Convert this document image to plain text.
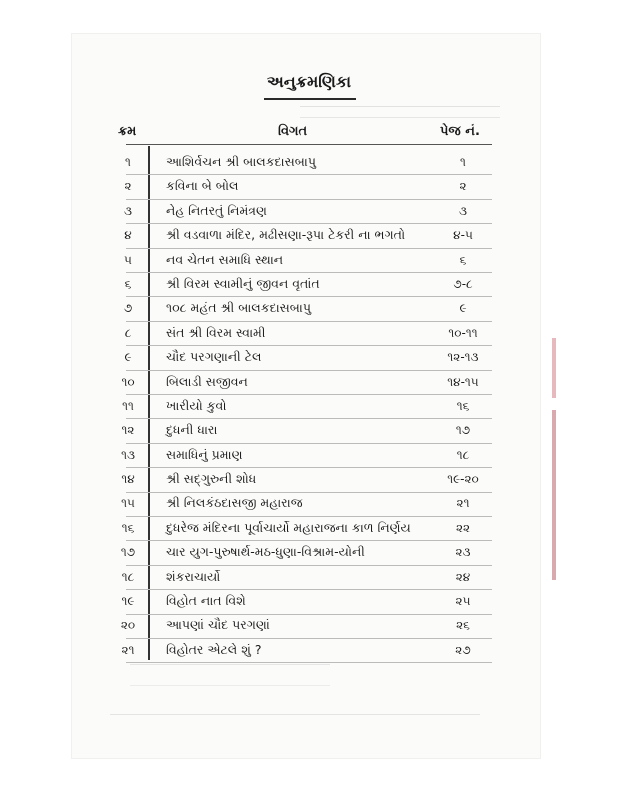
અનુક્રમણિકા
ક્રમ	વિગત	પેજ નં.
૧	આશિર્વચન શ્રી બાલકદાસબાપુ	૧
૨	કવિના બે બોલ	૨
૩	નેહ નિતરતું નિમંત્રણ	૩
૪	શ્રી વડવાળા મંદિર, મઢીસણા-રૂપા ટેકરી ના ભગતો	૪-૫
૫	નવ ચેતન સમાધિ સ્થાન	૬
૬	શ્રી વિરમ સ્વામીનું જીવન વૃતાંત	૭-૮
૭	૧૦૮ મહંત શ્રી બાલકદાસબાપુ	૯
૮	સંત શ્રી વિરમ સ્વામી	૧૦-૧૧
૯	ચૌદ પરગણાની ટેલ	૧૨-૧૩
૧૦	બિલાડી સજીવન	૧૪-૧૫
૧૧	ખારીયો કુવો	૧૬
૧૨	દુધની ધારા	૧૭
૧૩	સમાધિનું પ્રમાણ	૧૮
૧૪	શ્રી સદ્‌ગુરુની શોધ	૧૯-૨૦
૧૫	શ્રી નિલકંઠદાસજી મહારાજ	૨૧
૧૬	દુધરેજ મંદિરના પૂર્વાચાર્યો મહારાજના કાળ નિર્ણય	૨૨
૧૭	ચાર યુગ-પુરુષાર્થ-મઠ-ધુણા-વિશ્રામ-યોની	૨૩
૧૮	શંકરાચાર્યો	૨૪
૧૯	વિહોત નાત વિશે	૨૫
૨૦	આપણાં ચૌદ પરગણાં	૨૬
૨૧	વિહોતર એટલે શું ?	૨૭
